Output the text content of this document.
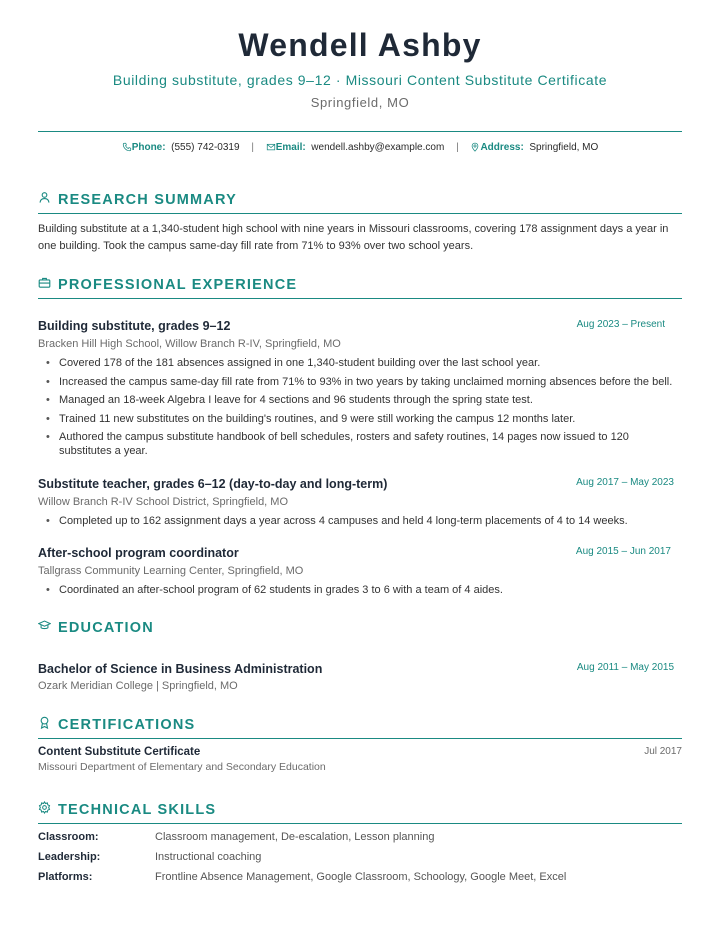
Wendell Ashby
Building substitute, grades 9–12 · Missouri Content Substitute Certificate
Springfield, MO
Phone: (555) 742-0319 | Email: wendell.ashby@example.com | Address: Springfield, MO
RESEARCH SUMMARY
Building substitute at a 1,340-student high school with nine years in Missouri classrooms, covering 178 assignment days a year in one building. Took the campus same-day fill rate from 71% to 93% over two school years.
PROFESSIONAL EXPERIENCE
Building substitute, grades 9–12	Aug 2023 – Present
Bracken Hill High School, Willow Branch R-IV, Springfield, MO
• Covered 178 of the 181 absences assigned in one 1,340-student building over the last school year.
• Increased the campus same-day fill rate from 71% to 93% in two years by taking unclaimed morning absences before the bell.
• Managed an 18-week Algebra I leave for 4 sections and 96 students through the spring state test.
• Trained 11 new substitutes on the building's routines, and 9 were still working the campus 12 months later.
• Authored the campus substitute handbook of bell schedules, rosters and safety routines, 14 pages now issued to 120 substitutes a year.
Substitute teacher, grades 6–12 (day-to-day and long-term)	Aug 2017 – May 2023
Willow Branch R-IV School District, Springfield, MO
• Completed up to 162 assignment days a year across 4 campuses and held 4 long-term placements of 4 to 14 weeks.
After-school program coordinator	Aug 2015 – Jun 2017
Tallgrass Community Learning Center, Springfield, MO
• Coordinated an after-school program of 62 students in grades 3 to 6 with a team of 4 aides.
EDUCATION
Bachelor of Science in Business Administration	Aug 2011 – May 2015
Ozark Meridian College | Springfield, MO
CERTIFICATIONS
Content Substitute Certificate	Jul 2017
Missouri Department of Elementary and Secondary Education
TECHNICAL SKILLS
Classroom:	Classroom management, De-escalation, Lesson planning
Leadership:	Instructional coaching
Platforms:	Frontline Absence Management, Google Classroom, Schoology, Google Meet, Excel
